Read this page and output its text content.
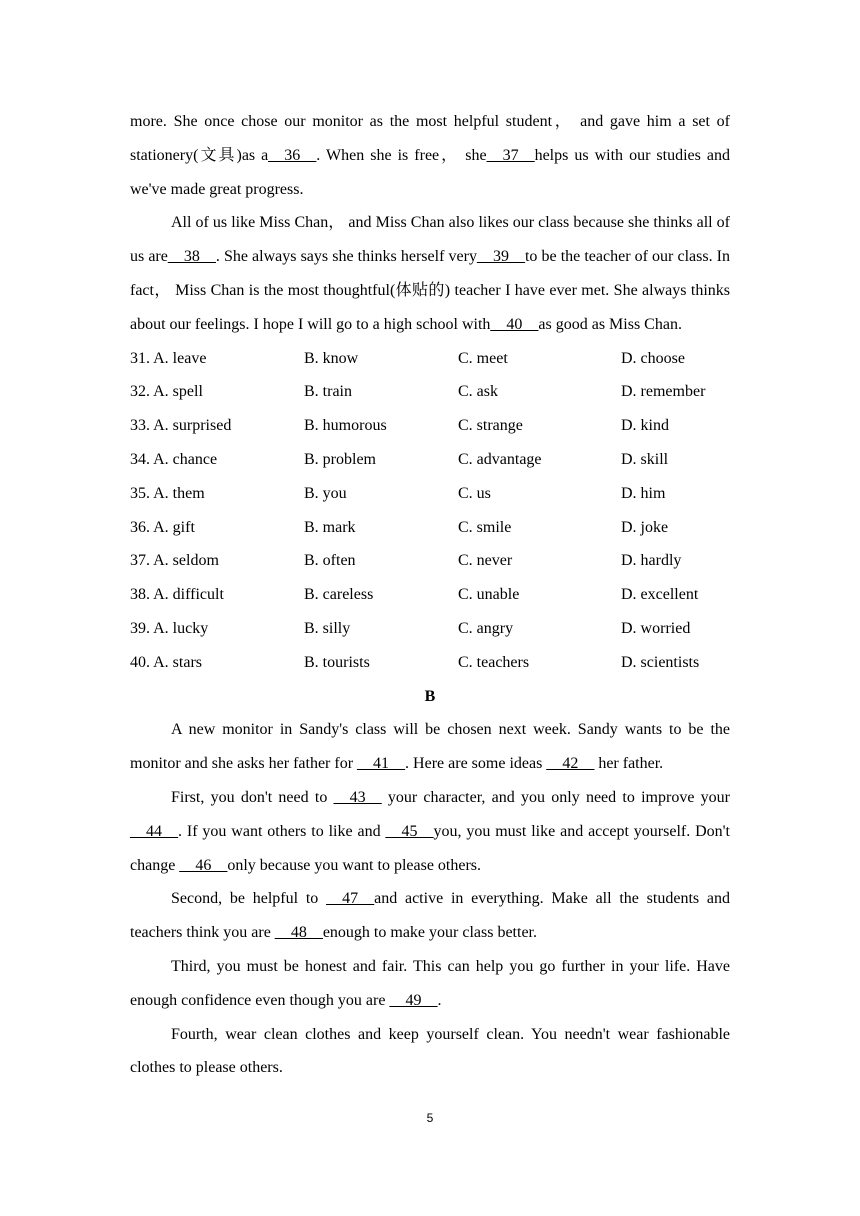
more. She once chose our monitor as the most helpful student， and gave him a set of stationery(文具)as a__36__. When she is free， she__37__helps us with our studies and we've made great progress.

All of us like Miss Chan， and Miss Chan also likes our class because she thinks all of us are__38__. She always says she thinks herself very__39__to be the teacher of our class. In fact， Miss Chan is the most thoughtful(体贴的) teacher I have ever met. She always thinks about our feelings. I hope I will go to a high school with__40__as good as Miss Chan.

31. A. leave	B. know	C. meet	D. choose
32. A. spell	B. train	C. ask	D. remember
33. A. surprised	B. humorous	C. strange	D. kind
34. A. chance	B. problem	C. advantage	D. skill
35. A. them	B. you	C. us	D. him
36. A. gift	B. mark	C. smile	D. joke
37. A. seldom	B. often	C. never	D. hardly
38. A. difficult	B. careless	C. unable	D. excellent
39. A. lucky	B. silly	C. angry	D. worried
40. A. stars	B. tourists	C. teachers	D. scientists
B

A new monitor in Sandy's class will be chosen next week. Sandy wants to be the monitor and she asks her father for __41__. Here are some ideas __42__ her father.

First, you don't need to __43__ your character, and you only need to improve your __44__. If you want others to like and __45__you, you must like and accept yourself. Don't change __46__only because you want to please others.

Second, be helpful to __47__and active in everything. Make all the students and teachers think you are __48__enough to make your class better.

Third, you must be honest and fair. This can help you go further in your life. Have enough confidence even though you are __49__.

Fourth, wear clean clothes and keep yourself clean. You needn't wear fashionable clothes to please others.

5
